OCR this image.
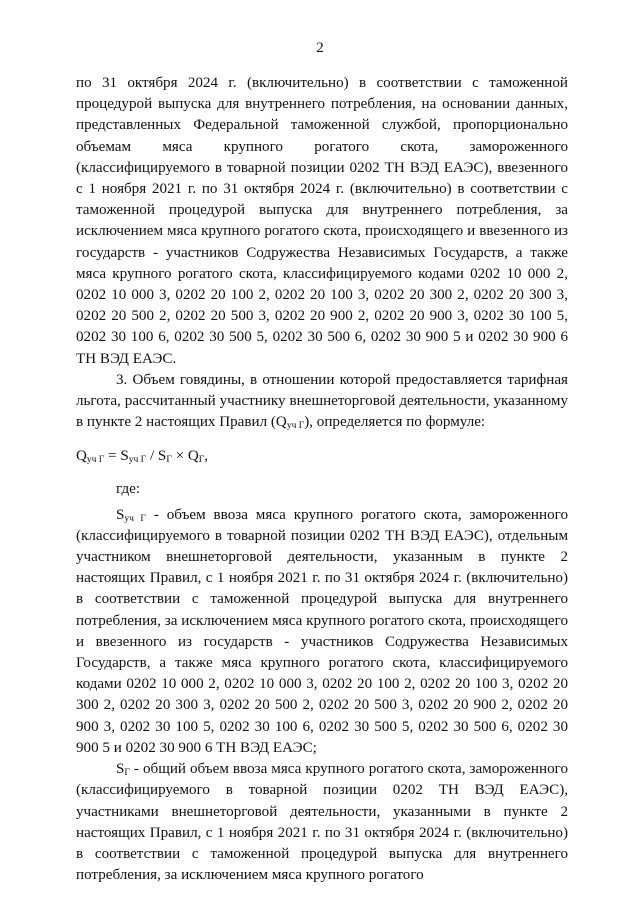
2

по 31 октября 2024 г. (включительно) в соответствии с таможенной процедурой выпуска для внутреннего потребления, на основании данных, представленных Федеральной таможенной службой, пропорционально объемам мяса крупного рогатого скота, замороженного (классифицируемого в товарной позиции 0202 ТН ВЭД ЕАЭС), ввезенного с 1 ноября 2021 г. по 31 октября 2024 г. (включительно) в соответствии с таможенной процедурой выпуска для внутреннего потребления, за исключением мяса крупного рогатого скота, происходящего и ввезенного из государств - участников Содружества Независимых Государств, а также мяса крупного рогатого скота, классифицируемого кодами 0202 10 000 2, 0202 10 000 3, 0202 20 100 2, 0202 20 100 3, 0202 20 300 2, 0202 20 300 3, 0202 20 500 2, 0202 20 500 3, 0202 20 900 2, 0202 20 900 3, 0202 30 100 5, 0202 30 100 6, 0202 30 500 5, 0202 30 500 6, 0202 30 900 5 и 0202 30 900 6 ТН ВЭД ЕАЭС.

3. Объем говядины, в отношении которой предоставляется тарифная льгота, рассчитанный участнику внешнеторговой деятельности, указанному в пункте 2 настоящих Правил $(Q_{уч Г})$, определяется по формуле:

$Q_{уч Г} = S_{уч Г} / S_Г \times Q_Г$,

где:

$S_{уч Г}$ - объем ввоза мяса крупного рогатого скота, замороженного (классифицируемого в товарной позиции 0202 ТН ВЭД ЕАЭС), отдельным участником внешнеторговой деятельности, указанным в пункте 2 настоящих Правил, с 1 ноября 2021 г. по 31 октября 2024 г. (включительно) в соответствии с таможенной процедурой выпуска для внутреннего потребления, за исключением мяса крупного рогатого скота, происходящего и ввезенного из государств - участников Содружества Независимых Государств, а также мяса крупного рогатого скота, классифицируемого кодами 0202 10 000 2, 0202 10 000 3, 0202 20 100 2, 0202 20 100 3, 0202 20 300 2, 0202 20 300 3, 0202 20 500 2, 0202 20 500 3, 0202 20 900 2, 0202 20 900 3, 0202 30 100 5, 0202 30 100 6, 0202 30 500 5, 0202 30 500 6, 0202 30 900 5 и 0202 30 900 6 ТН ВЭД ЕАЭС;

$S_Г$ - общий объем ввоза мяса крупного рогатого скота, замороженного (классифицируемого в товарной позиции 0202 ТН ВЭД ЕАЭС), участниками внешнеторговой деятельности, указанными в пункте 2 настоящих Правил, с 1 ноября 2021 г. по 31 октября 2024 г. (включительно) в соответствии с таможенной процедурой выпуска для внутреннего потребления, за исключением мяса крупного рогатого
